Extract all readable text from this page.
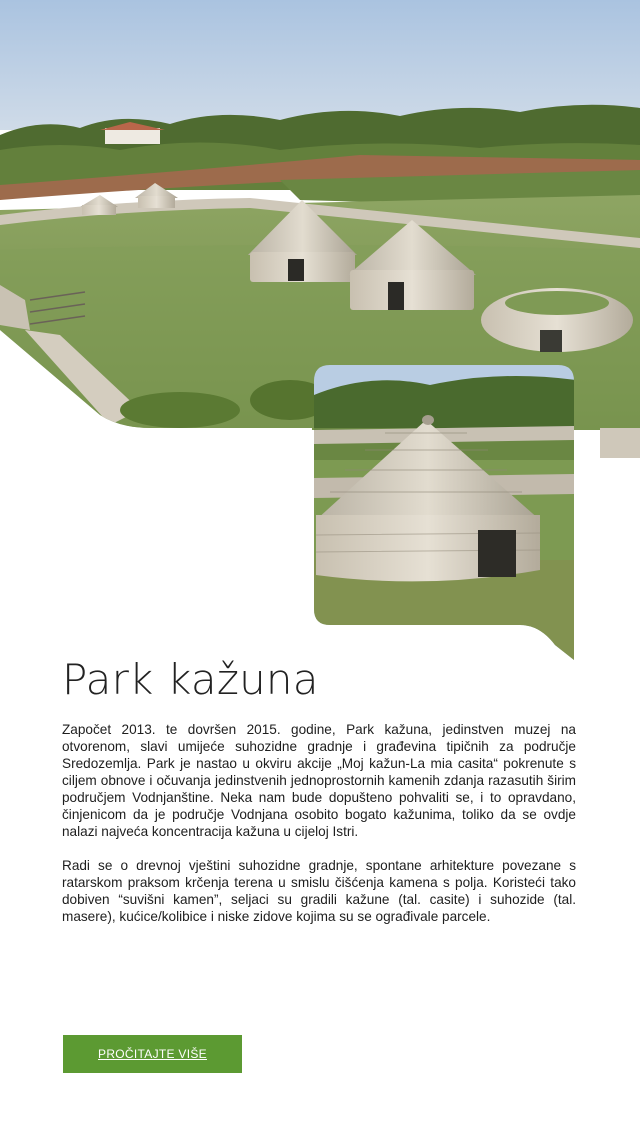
Park kažuna

Započet 2013. te dovršen 2015. godine, Park kažuna, jedinstven muzej na otvorenom, slavi umijeće suhozidne gradnje i građevina tipičnih za područje Sredozemlja. Park je nastao u okviru akcije „Moj kažun-La mia casita“ pokrenute s ciljem obnove i očuvanja jedinstvenih jednoprostornih kamenih zdanja razasutih širim područjem Vodnjanštine. Neka nam bude dopušteno pohvaliti se, i to opravdano, činjenicom da je područje Vodnjana osobito bogato kažunima, toliko da se ovdje nalazi najveća koncentracija kažuna u cijeloj Istri.

Radi se o drevnoj vještini suhozidne gradnje, spontane arhitekture povezane s ratarskom praksom krčenja terena u smislu čišćenja kamena s polja. Koristeći tako dobiven “suvišni kamen”, seljaci su gradili kažune (tal. casite) i suhozide (tal. masere), kućice/kolibice i niske zidove kojima su se ograđivale parcele.

PROČITAJTE VIŠE
